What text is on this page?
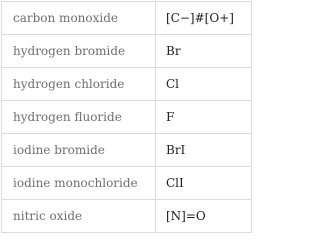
carbon monoxide	[C−]#[O+]
hydrogen bromide	Br
hydrogen chloride	Cl
hydrogen fluoride	F
iodine bromide	BrI
iodine monochloride	ClI
nitric oxide	[N]=O
